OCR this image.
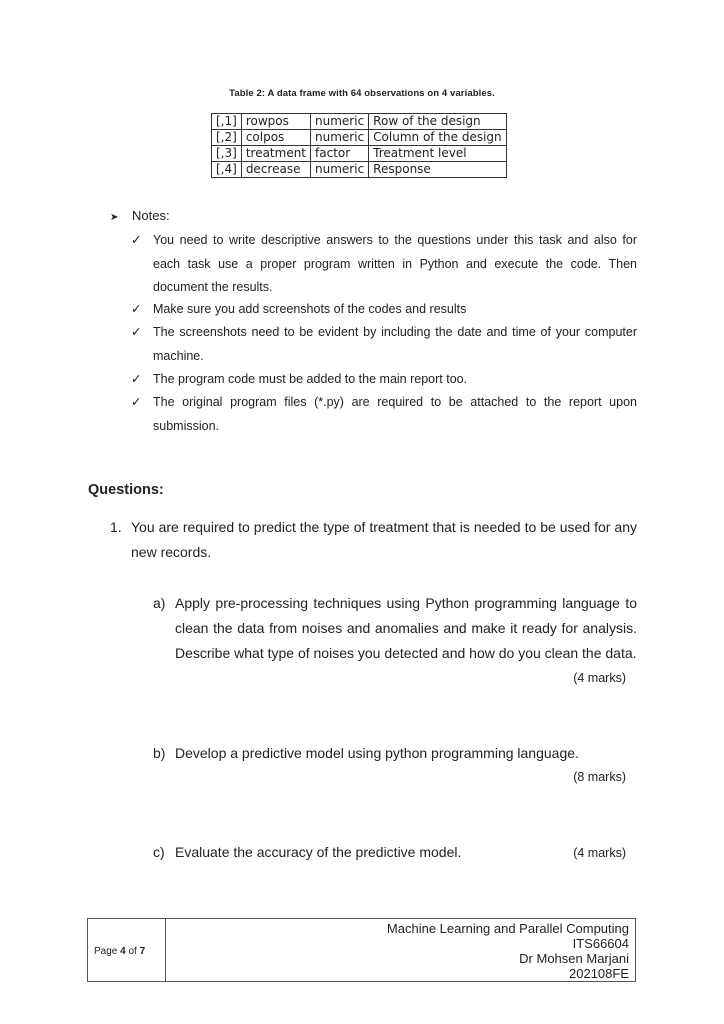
Table 2: A data frame with 64 observations on 4 variables.
[,1]	rowpos	numeric	Row of the design
[,2]	colpos	numeric	Column of the design
[,3]	treatment	factor	Treatment level
[,4]	decrease	numeric	Response
➤ Notes:
✓ You need to write descriptive answers to the questions under this task and also for each task use a proper program written in Python and execute the code. Then document the results.
✓ Make sure you add screenshots of the codes and results
✓ The screenshots need to be evident by including the date and time of your computer machine.
✓ The program code must be added to the main report too.
✓ The original program files (*.py) are required to be attached to the report upon submission.
Questions:
1. You are required to predict the type of treatment that is needed to be used for any new records.
a) Apply pre-processing techniques using Python programming language to clean the data from noises and anomalies and make it ready for analysis. Describe what type of noises you detected and how do you clean the data.
(4 marks)
b) Develop a predictive model using python programming language.
(8 marks)
c) Evaluate the accuracy of the predictive model.	(4 marks)
Page 4 of 7
Machine Learning and Parallel Computing
ITS66604
Dr Mohsen Marjani
202108FE
